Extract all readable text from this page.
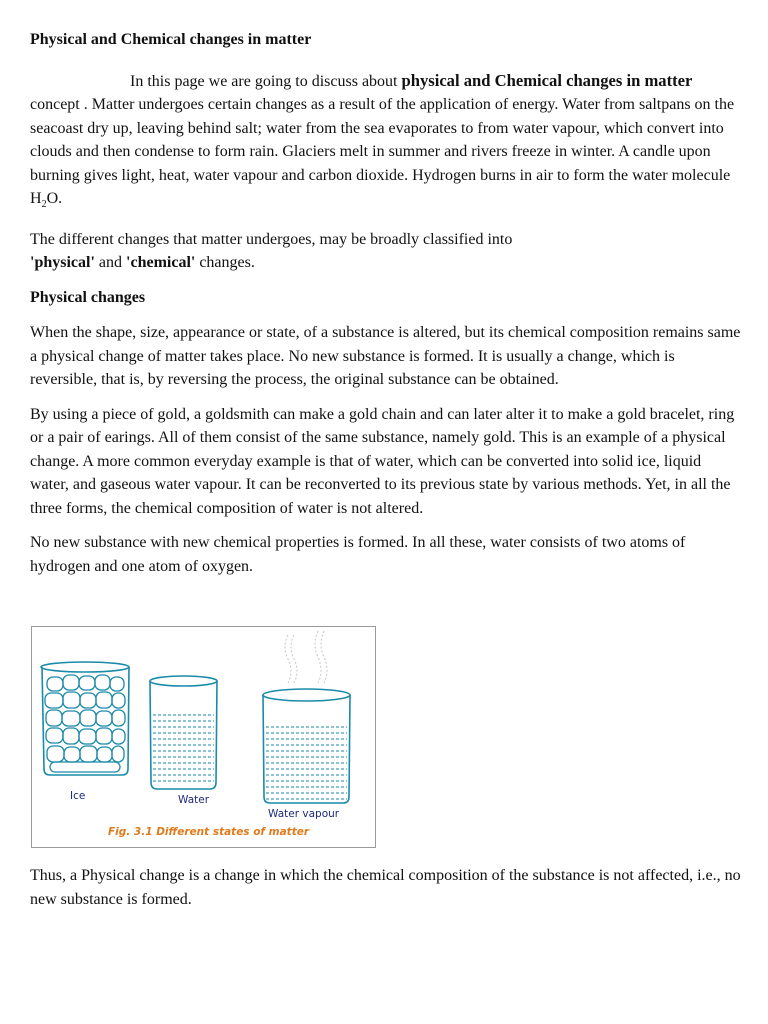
Physical and Chemical changes in matter

In this page we are going to discuss about physical and Chemical changes in matter concept . Matter undergoes certain changes as a result of the application of energy. Water from saltpans on the seacoast dry up, leaving behind salt; water from the sea evaporates to from water vapour, which convert into clouds and then condense to form rain. Glaciers melt in summer and rivers freeze in winter. A candle upon burning gives light, heat, water vapour and carbon dioxide. Hydrogen burns in air to form the water molecule $H_2O$.

The different changes that matter undergoes, may be broadly classified into 'physical' and 'chemical' changes.

Physical changes

When the shape, size, appearance or state, of a substance is altered, but its chemical composition remains same a physical change of matter takes place. No new substance is formed. It is usually a change, which is reversible, that is, by reversing the process, the original substance can be obtained.

By using a piece of gold, a goldsmith can make a gold chain and can later alter it to make a gold bracelet, ring or a pair of earings. All of them consist of the same substance, namely gold. This is an example of a physical change. A more common everyday example is that of water, which can be converted into solid ice, liquid water, and gaseous water vapour. It can be reconverted to its previous state by various methods. Yet, in all the three forms, the chemical composition of water is not altered.

No new substance with new chemical properties is formed. In all these, water consists of two atoms of hydrogen and one atom of oxygen.

Ice	Water
Water vapour
Fig. 3.1 Different states of matter
Thus, a Physical change is a change in which the chemical composition of the substance is not affected, i.e., no new substance is formed.
